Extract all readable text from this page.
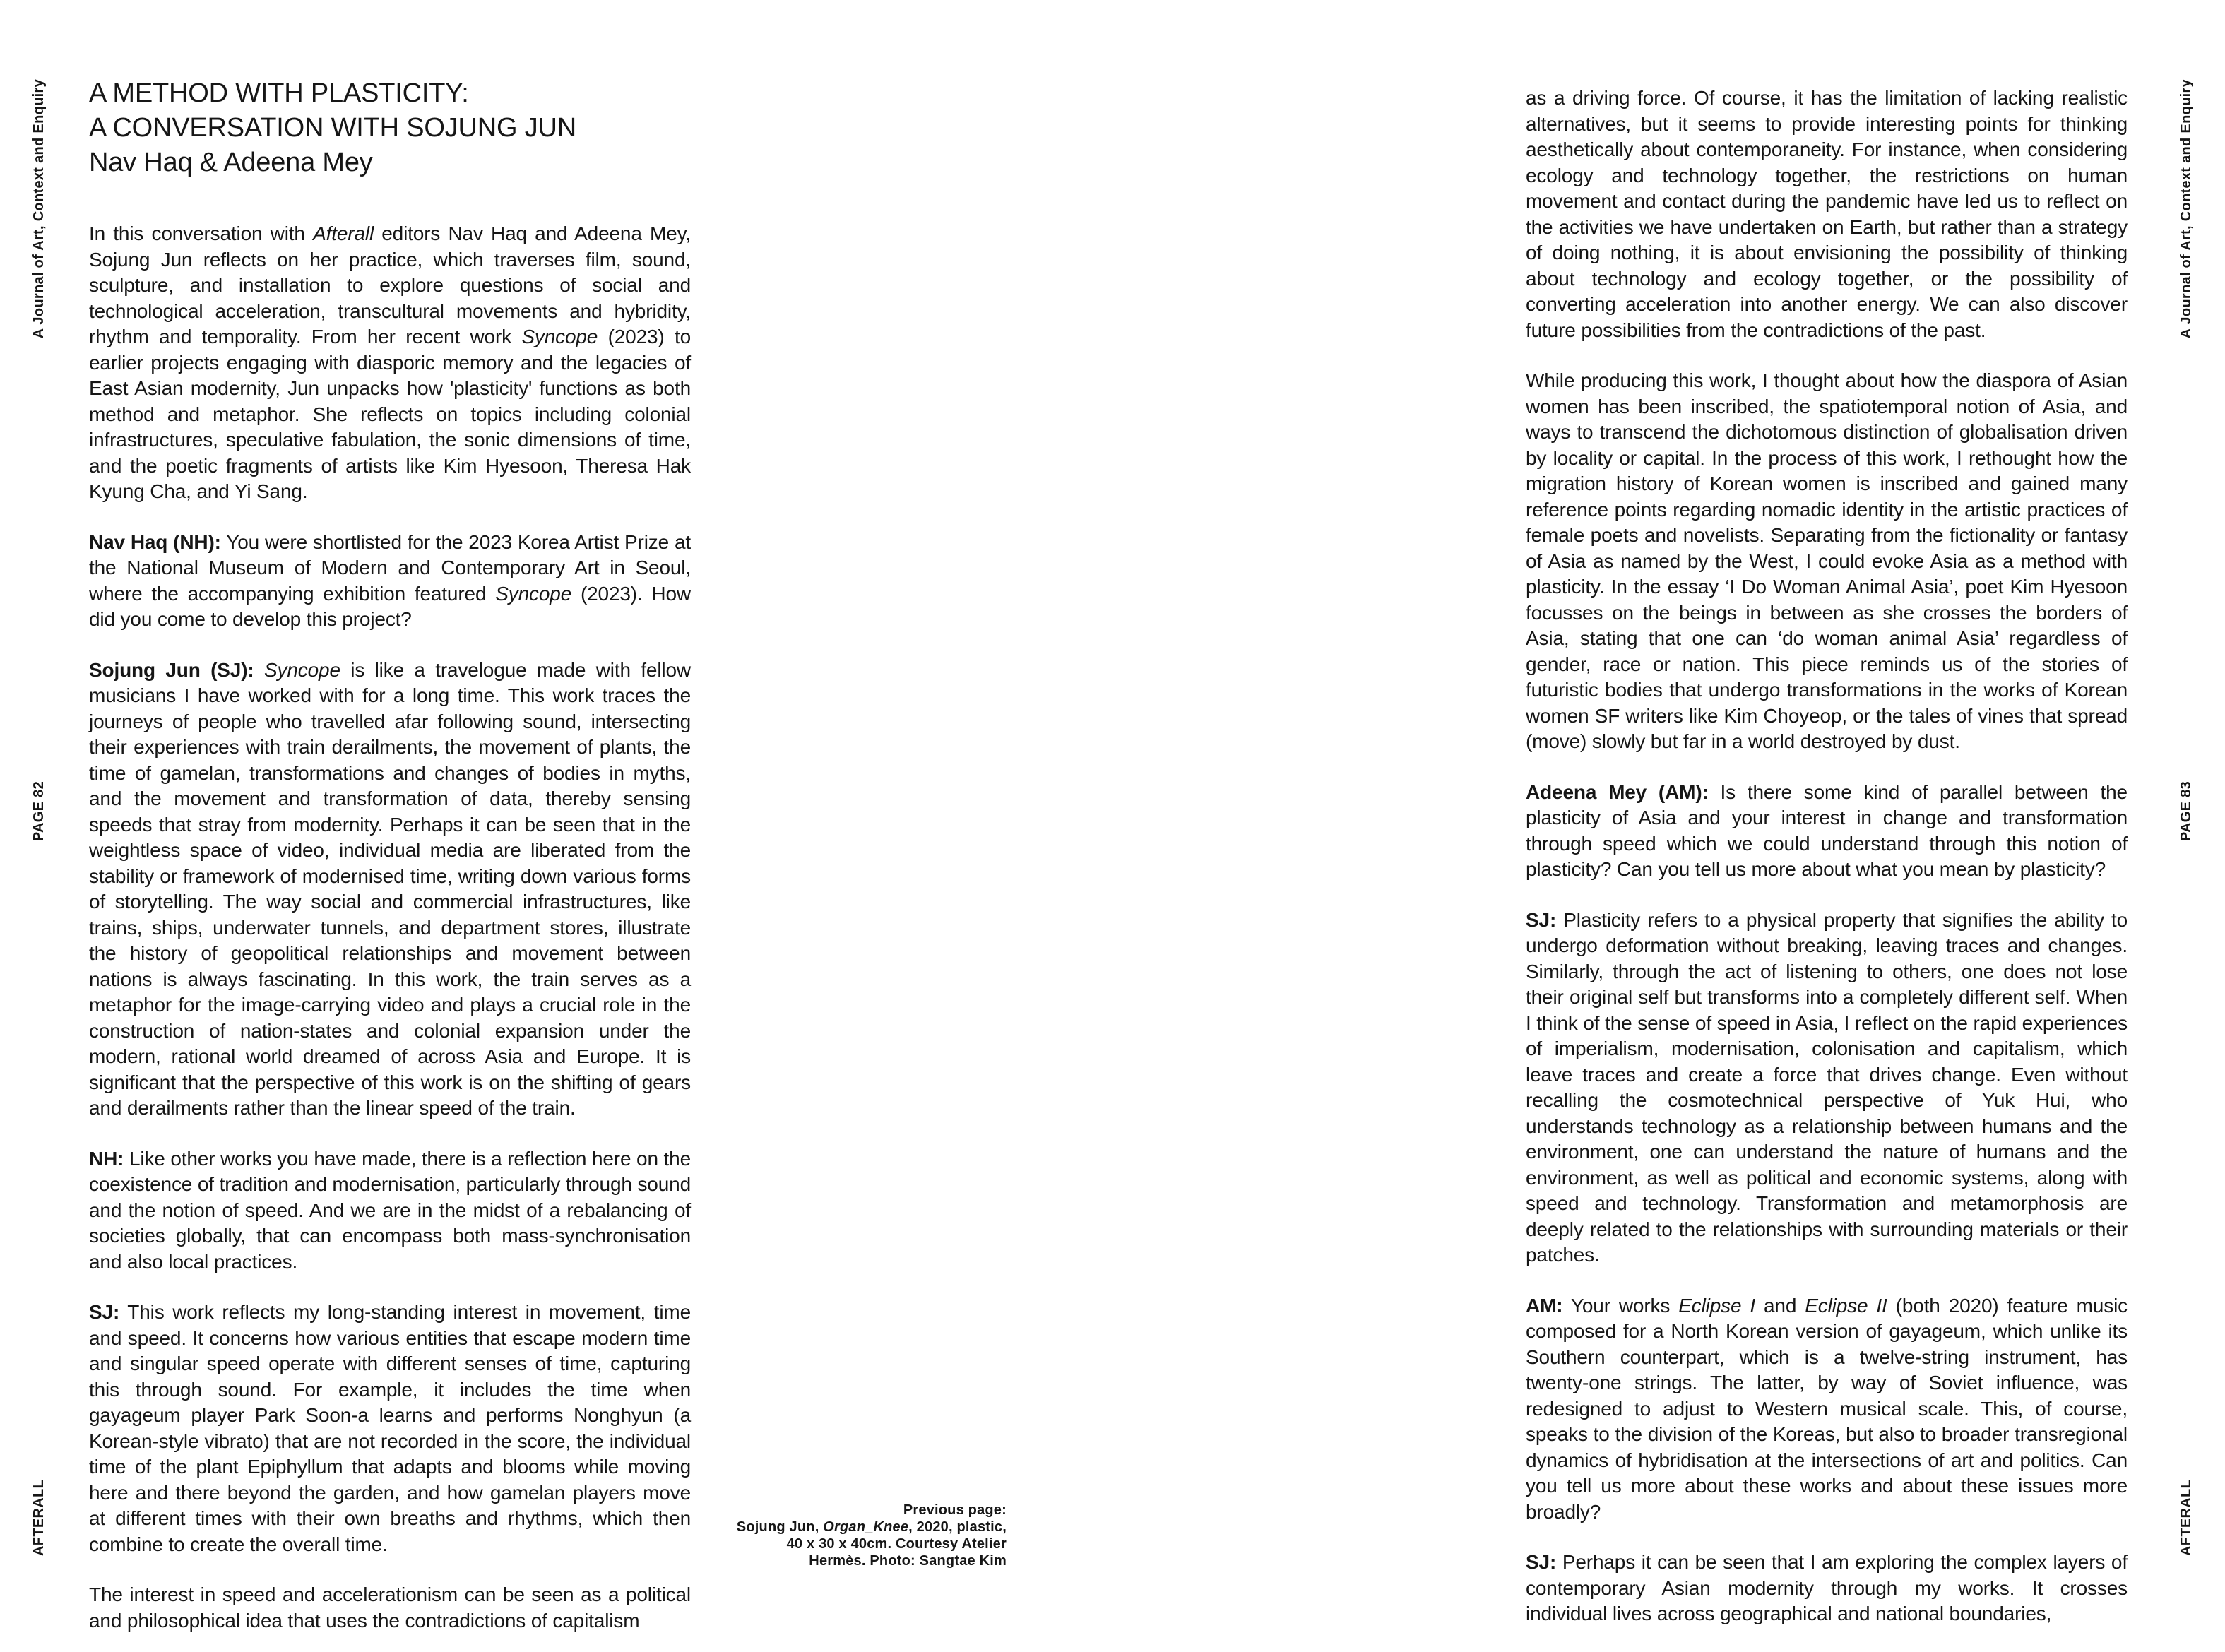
A Journal of Art, Context and Enquiry
PAGE 82
AFTERALL
A Journal of Art, Context and Enquiry
PAGE 83
AFTERALL
A METHOD WITH PLASTICITY:
A CONVERSATION WITH SOJUNG JUN
Nav Haq & Adeena Mey

In this conversation with Afterall editors Nav Haq and Adeena Mey, Sojung Jun reflects on her practice, which traverses film, sound, sculpture, and installation to explore questions of social and technological acceleration, transcultural movements and hybridity, rhythm and temporality. From her recent work Syncope (2023) to earlier projects engaging with diasporic memory and the legacies of East Asian modernity, Jun unpacks how 'plasticity' functions as both method and metaphor. She reflects on topics including colonial infrastructures, speculative fabulation, the sonic dimensions of time, and the poetic fragments of artists like Kim Hyesoon, Theresa Hak Kyung Cha, and Yi Sang.

Nav Haq (NH): You were shortlisted for the 2023 Korea Artist Prize at the National Museum of Modern and Contemporary Art in Seoul, where the accompanying exhibition featured Syncope (2023). How did you come to develop this project?

Sojung Jun (SJ): Syncope is like a travelogue made with fellow musicians I have worked with for a long time. This work traces the journeys of people who travelled afar following sound, intersecting their experiences with train derailments, the movement of plants, the time of gamelan, transformations and changes of bodies in myths, and the movement and transformation of data, thereby sensing speeds that stray from modernity. Perhaps it can be seen that in the weightless space of video, individual media are liberated from the stability or framework of modernised time, writing down various forms of storytelling. The way social and commercial infrastructures, like trains, ships, underwater tunnels, and department stores, illustrate the history of geopolitical relationships and movement between nations is always fascinating. In this work, the train serves as a metaphor for the image-carrying video and plays a crucial role in the construction of nation-states and colonial expansion under the modern, rational world dreamed of across Asia and Europe. It is significant that the perspective of this work is on the shifting of gears and derailments rather than the linear speed of the train.

NH: Like other works you have made, there is a reflection here on the coexistence of tradition and modernisation, particularly through sound and the notion of speed. And we are in the midst of a rebalancing of societies globally, that can encompass both mass-synchronisation and also local practices.

SJ: This work reflects my long-standing interest in movement, time and speed. It concerns how various entities that escape modern time and singular speed operate with different senses of time, capturing this through sound. For example, it includes the time when gayageum player Park Soon-a learns and performs Nonghyun (a Korean-style vibrato) that are not recorded in the score, the individual time of the plant Epiphyllum that adapts and blooms while moving here and there beyond the garden, and how gamelan players move at different times with their own breaths and rhythms, which then combine to create the overall time.

The interest in speed and accelerationism can be seen as a political and philosophical idea that uses the contradictions of capitalism

as a driving force. Of course, it has the limitation of lacking realistic alternatives, but it seems to provide interesting points for thinking aesthetically about contemporaneity. For instance, when considering ecology and technology together, the restrictions on human movement and contact during the pandemic have led us to reflect on the activities we have undertaken on Earth, but rather than a strategy of doing nothing, it is about envisioning the possibility of thinking about technology and ecology together, or the possibility of converting acceleration into another energy. We can also discover future possibilities from the contradictions of the past.

While producing this work, I thought about how the diaspora of Asian women has been inscribed, the spatiotemporal notion of Asia, and ways to transcend the dichotomous distinction of globalisation driven by locality or capital. In the process of this work, I rethought how the migration history of Korean women is inscribed and gained many reference points regarding nomadic identity in the artistic practices of female poets and novelists. Separating from the fictionality or fantasy of Asia as named by the West, I could evoke Asia as a method with plasticity. In the essay ‘I Do Woman Animal Asia’, poet Kim Hyesoon focusses on the beings in between as she crosses the borders of Asia, stating that one can ‘do woman animal Asia’ regardless of gender, race or nation. This piece reminds us of the stories of futuristic bodies that undergo transformations in the works of Korean women SF writers like Kim Choyeop, or the tales of vines that spread (move) slowly but far in a world destroyed by dust.

Adeena Mey (AM): Is there some kind of parallel between the plasticity of Asia and your interest in change and transformation through speed which we could understand through this notion of plasticity? Can you tell us more about what you mean by plasticity?

SJ: Plasticity refers to a physical property that signifies the ability to undergo deformation without breaking, leaving traces and changes. Similarly, through the act of listening to others, one does not lose their original self but transforms into a completely different self. When I think of the sense of speed in Asia, I reflect on the rapid experiences of imperialism, modernisation, colonisation and capitalism, which leave traces and create a force that drives change. Even without recalling the cosmotechnical perspective of Yuk Hui, who understands technology as a relationship between humans and the environment, one can understand the nature of humans and the environment, as well as political and economic systems, along with speed and technology. Transformation and metamorphosis are deeply related to the relationships with surrounding materials or their patches.

AM: Your works Eclipse I and Eclipse II (both 2020) feature music composed for a North Korean version of gayageum, which unlike its Southern counterpart, which is a twelve-string instrument, has twenty-one strings. The latter, by way of Soviet influence, was redesigned to adjust to Western musical scale. This, of course, speaks to the division of the Koreas, but also to broader transregional dynamics of hybridisation at the intersections of art and politics. Can you tell us more about these works and about these issues more broadly?

SJ: Perhaps it can be seen that I am exploring the complex layers of contemporary Asian modernity through my works. It crosses individual lives across geographical and national boundaries,

Previous page:
Sojung Jun, Organ_Knee, 2020, plastic,
40 x 30 x 40cm. Courtesy Atelier
Hermès. Photo: Sangtae Kim
